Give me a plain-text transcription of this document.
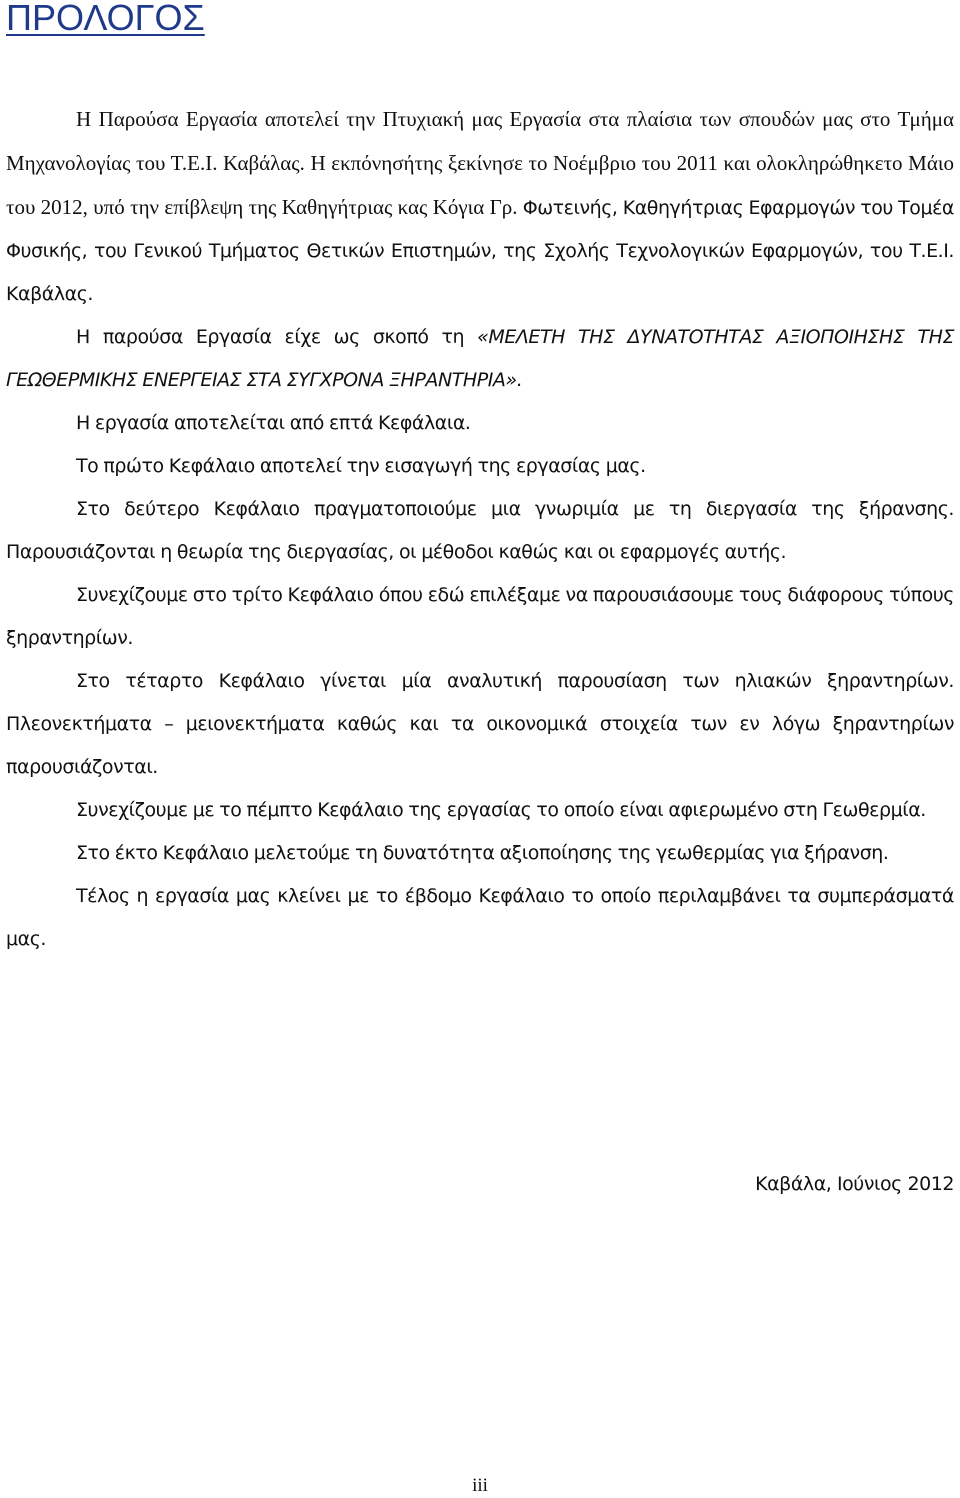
ΠΡΟΛΟΓΟΣ

Η Παρούσα Εργασία αποτελεί την Πτυχιακή μας Εργασία στα πλαίσια των σπουδών μας στο Τμήμα Μηχανολογίας του Τ.Ε.Ι. Καβάλας. Η εκπόνησήτης ξεκίνησε το Νοέμβριο του 2011 και ολοκληρώθηκετο Μάιο του 2012, υπό την επίβλεψη της Καθηγήτριας κας Κόγια Γρ. Φωτεινής, Καθηγήτριας Εφαρμογών του Τομέα Φυσικής, του Γενικού Τμήματος Θετικών Επιστημών, της Σχολής Τεχνολογικών Εφαρμογών, του Τ.Ε.Ι. Καβάλας.

Η παρούσα Εργασία είχε ως σκοπό τη «ΜΕΛΕΤΗ ΤΗΣ ΔΥΝΑΤΟΤΗΤΑΣ ΑΞΙΟΠΟΙΗΣΗΣ ΤΗΣ ΓΕΩΘΕΡΜΙΚΗΣ ΕΝΕΡΓΕΙΑΣ ΣΤΑ ΣΥΓΧΡΟΝΑ ΞΗΡΑΝΤΗΡΙΑ».

Η εργασία αποτελείται από επτά Κεφάλαια.

Το πρώτο Κεφάλαιο αποτελεί την εισαγωγή της εργασίας μας.

Στο δεύτερο Κεφάλαιο πραγματοποιούμε μια γνωριμία με τη διεργασία της ξήρανσης. Παρουσιάζονται η θεωρία της διεργασίας, οι μέθοδοι καθώς και οι εφαρμογές αυτής.

Συνεχίζουμε στο τρίτο Κεφάλαιο όπου εδώ επιλέξαμε να παρουσιάσουμε τους διάφορους τύπους ξηραντηρίων.

Στο τέταρτο Κεφάλαιο γίνεται μία αναλυτική παρουσίαση των ηλιακών ξηραντηρίων. Πλεονεκτήματα – μειονεκτήματα καθώς και τα οικονομικά στοιχεία των εν λόγω ξηραντηρίων παρουσιάζονται.

Συνεχίζουμε με το πέμπτο Κεφάλαιο της εργασίας το οποίο είναι αφιερωμένο στη Γεωθερμία.

Στο έκτο Κεφάλαιο μελετούμε τη δυνατότητα αξιοποίησης της γεωθερμίας για ξήρανση.

Τέλος η εργασία μας κλείνει με το έβδομο Κεφάλαιο το οποίο περιλαμβάνει τα συμπεράσματά μας.

Καβάλα, Ιούνιος 2012
iii
